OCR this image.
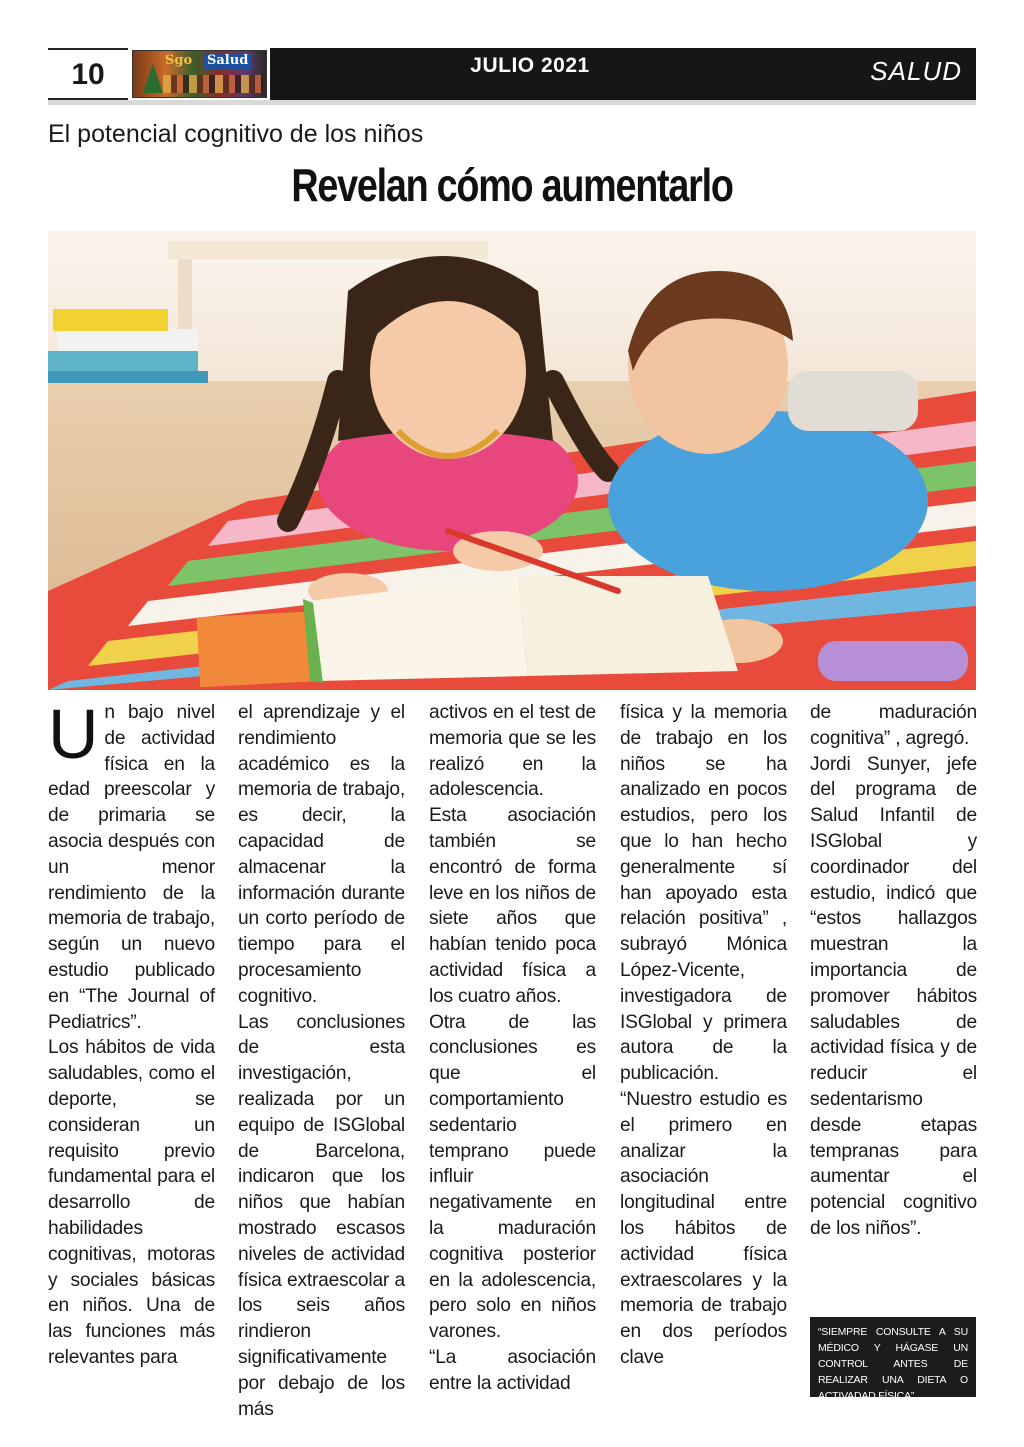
10	Sgo	Salud	JULIO 2021	SALUD
El potencial cognitivo de los niños
Revelan cómo aumentarlo

Un bajo nivel de actividad física en la edad preescolar y de primaria se asocia después con un menor rendimiento de la memoria de trabajo, según un nuevo estudio publicado en “The Journal of Pediatrics”.

Los hábitos de vida saludables, como el deporte, se consideran un requisito previo fundamental para el desarrollo de habilidades cognitivas, motoras y sociales básicas en niños. Una de las funciones más relevantes para

el aprendizaje y el rendimiento académico es la memoria de trabajo, es decir, la capacidad de almacenar la información durante un corto período de tiempo para el procesamiento cognitivo.

Las conclusiones de esta investigación, realizada por un equipo de ISGlobal de Barcelona, indicaron que los niños que habían mostrado escasos niveles de actividad física extraescolar a los seis años rindieron significativamente por debajo de los más

activos en el test de memoria que se les realizó en la adolescencia.

Esta asociación también se encontró de forma leve en los niños de siete años que habían tenido poca actividad física a los cuatro años.

Otra de las conclusiones es que el comportamiento sedentario temprano puede influir negativamente en la maduración cognitiva posterior en la adolescencia, pero solo en niños varones.

“La asociación entre la actividad

física y la memoria de trabajo en los niños se ha analizado en pocos estudios, pero los que lo han hecho generalmente sí han apoyado esta relación positiva” , subrayó Mónica López-Vicente, investigadora de ISGlobal y primera autora de la publicación.

“Nuestro estudio es el primero en analizar la asociación longitudinal entre los hábitos de actividad física extraescolares y la memoria de trabajo en dos períodos clave

de maduración cognitiva” , agregó.

Jordi Sunyer, jefe del programa de Salud Infantil de ISGlobal y coordinador del estudio, indicó que “estos hallazgos muestran la importancia de promover hábitos saludables de actividad física y de reducir el sedentarismo desde etapas tempranas para aumentar el potencial cognitivo de los niños”.

“SIEMPRE CONSULTE A SU MÉDICO Y HÁGASE UN CONTROL ANTES DE REALIZAR UNA DIETA O ACTIVADAD FÍSICA”
